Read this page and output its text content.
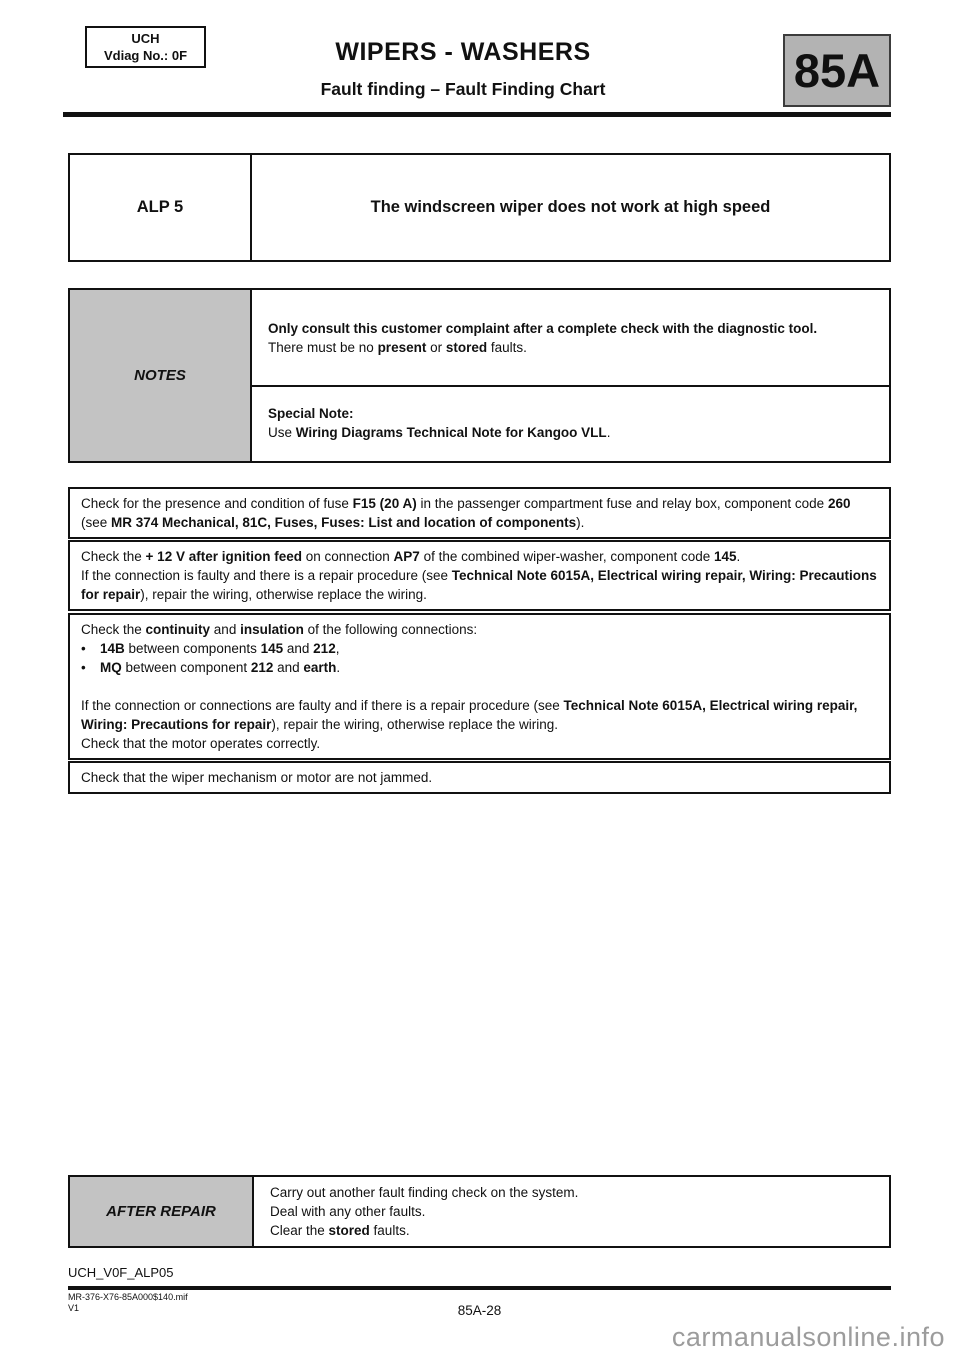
UCH
Vdiag No.: 0F	WIPERS - WASHERS
Fault finding – Fault Finding Chart	85A
ALP 5	The windscreen wiper does not work at high speed
NOTES
Only consult this customer complaint after a complete check with the diagnostic tool.
There must be no present or stored faults.
Special Note:
Use Wiring Diagrams Technical Note for Kangoo VLL.
Check for the presence and condition of fuse F15 (20 A) in the passenger compartment fuse and relay box, component code 260 (see MR 374 Mechanical, 81C, Fuses, Fuses: List and location of components).
Check the + 12 V after ignition feed on connection AP7 of the combined wiper-washer, component code 145.
If the connection is faulty and there is a repair procedure (see Technical Note 6015A, Electrical wiring repair, Wiring: Precautions for repair), repair the wiring, otherwise replace the wiring.
Check the continuity and insulation of the following connections:
• 14B between components 145 and 212,
• MQ between component 212 and earth.
If the connection or connections are faulty and if there is a repair procedure (see Technical Note 6015A, Electrical wiring repair, Wiring: Precautions for repair), repair the wiring, otherwise replace the wiring.
Check that the motor operates correctly.
Check that the wiper mechanism or motor are not jammed.
AFTER REPAIR
Carry out another fault finding check on the system.
Deal with any other faults.
Clear the stored faults.
UCH_V0F_ALP05
MR-376-X76-85A000$140.mif
V1	85A-28
carmanualsonline.info
